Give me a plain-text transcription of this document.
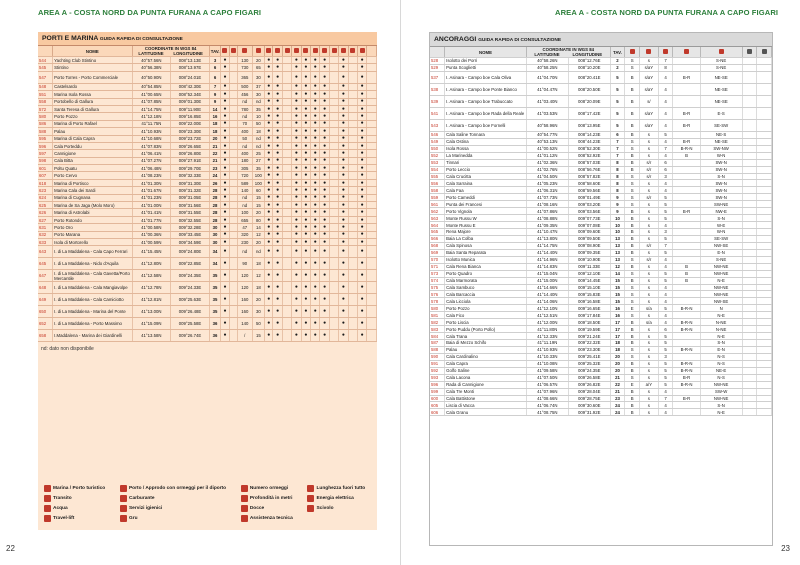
AREA A - COSTA NORD DA PUNTA FURANA A CAPO FIGARI
PORTI E MARINA GUIDA RAPIDA DI CONSULTAZIONE
	NOME	COORDINATE IN WGS 84
LATITUDINE LONGITUDINE		TAV.																
544	Yachting Club Stintino	40°57.56N	008°13.13E	3	●		130	20	●	●		●	●	●	●		●		●	
545	Stintino	40°56.38N	008°13.97E	6	●		730	65	●	●		●	●	●	●		●		●	
547	Porto Torres - Porto Commerciale	40°50.90N	008°24.01E	6	●		365	30	●	●		●	●	●	●		●		●	
548	Castelsardo	40°54.85N	008°42.30E	7	●		500	37	●	●		●	●	●	●		●		●	
551	Marina Isola Rossa	41°00.65N	008°52.34E	9	●		456	30	●	●		●	●	●	●		●		●	
558	Portobello di Gallura	41°07.85N	009°01.30E	9	●		nd	nd	●	●		●	●	●	●		●		●	
572	Santa Teresa di Gallura	41°14.75N	009°11.90E	14	●		780	35	●	●		●	●	●	●		●		●	
580	Porto Pozzo	41°12.18N	009°16.85E	16	●		nd	10	●	●		●	●	●	●		●		●	
586	Marina di Porto Rafael	41°11.75N	009°22.00E	18	●		70	50	●	●		●	●	●	●		●		●	
588	Palau	41°10.93N	009°23.30E	18	●		400	18	●	●		●	●	●	●		●		●	
595	Marina di Cala Capra	41°10.68N	009°23.72E	20	●		50	nd	●	●		●	●	●	●		●		●	
596	Cala Porteddu	41°07.83N	009°26.65E	21	●		nd	nd	●	●		●	●	●	●		●		●	
597	Cannigione	41°06.41N	009°26.80E	22	●		400	25	●	●		●	●	●	●		●		●	
598	Cala Bitta	41°07.27N	009°27.91E	21	●		180	27	●	●		●	●	●	●		●		●	
601	Poltu Quatu	41°06.48N	009°29.70E	23	●		305	35	●	●		●	●	●	●		●		●	
607	Porto Cervo	41°08.23N	009°32.33E	24	●		720	100	●	●		●	●	●	●		●		●	
618	Marina di Portisco	41°01.30N	009°31.30E	26	●		589	100	●	●		●	●	●	●		●		●	
623	Marina Cala dei Sardi	41°01.67N	009°31.32E	28	●		140	60	●	●		●	●	●	●		●		●	
624	Marina di Cugnana	41°01.23N	009°31.05E	28	●		nd	15	●	●		●	●	●	●		●		●	
625	Marina de Sa Jaga (Molo Moro)	41°01.00N	009°31.56E	28	●		nd	15	●	●		●	●	●	●		●		●	
626	Marina di Astrolabi	41°01.41N	009°31.55E	28	●		100	20	●	●		●	●	●	●		●		●	
627	Porto Rotondo	41°01.77N	009°32.55E	28	●		655	80	●	●		●	●	●	●		●		●	
631	Porto Oro	41°00.58N	009°32.28E	30	●		47	14	●	●		●	●	●	●		●		●	
632	Porto Marana	41°00.36N	009°33.45E	30	●		320	12	●	●		●	●	●	●		●		●	
633	Isola di Mortorello	41°00.59N	009°34.59E	30	●		230	20	●	●		●	●	●	●		●		●	
643	I. di La Maddalena - Cala Capo Ferrari	41°15.45N	009°24.80E	34	●		nd	nd	●	●		●	●	●	●		●		●	
645	I. di La Maddalena - Nido d'Aquila	41°12.80N	009°22.85E	34	●		90	18	●	●		●	●	●	●		●		●	
647	I. di La Maddalena - Cala Gavetta/Porto Mercantile	41°12.58N	009°24.35E	35	●		120	12	●	●		●	●	●	●		●		●	
648	I. di La Maddalena - Cala Mangiavolpe	41°12.78N	009°24.33E	35	●		120	18	●	●		●	●	●	●		●		●	
649	I. di La Maddalena - Cala Camiciotto	41°12.81N	009°25.63E	35	●		160	20	●	●		●	●	●	●		●		●	
650	I. di La Maddalena - Marina del Ponte	41°13.00N	009°26.48E	35	●		160	30	●	●		●	●	●	●		●		●	
652	I. di La Maddalena - Porto Massimo	41°15.09N	009°25.58E	36	●		140	50	●	●		●	●	●	●		●		●	
658	I.Maddalena - Marina dei Giardinelli	41°13.58N	009°26.74E	36	●		/	15	●	●		●	●	●	●		●		●	
nd: dato non disponibile
Marina / Porto turistico	Porto / Approdo con ormeggi per il diporto	Numero ormeggi	Lunghezza fuori tutto
Transito	Carburante	Profondità in metri	Energia elettrica
Acqua	Servizi igienici	Docce	Scivolo
Travel-lift	Gru	Assistenza tecnica
22
AREA A - COSTA NORD DA PUNTA FURANA A CAPO FIGARI
ANCORAGGI GUIDA RAPIDA DI CONSULTAZIONE
	NOME	COORDINATE IN WGS 84
LATITUDINE LONGITUDINE		TAV.							
528	Isolotto dei Porri	40°58.26N	008°12.76E	2	S	s	7		S-NE		
529	Punta Scoglietti	40°58.25N	008°10.20E	2	S	s/aY	8		S-NE		
537	I. Asinara - Campo boe Cala Oliva	41°04.70N	008°20.41E	5	B	s/aY	4	B-R	NE-SE		
538	I. Asinara - Campo boe Ponte Bianco	41°04.47N	008°20.50E	5	B	s/aY	4		NE-SE		
539	I. Asinara - Campo boe Trabuccato	41°03.40N	008°20.09E	5	B	s/	4		NE-SE		
541	I. Asinara - Campo boe Rada della Reale	41°03.53N	008°17.42E	5	B	s/aY	4	B-R	E-S		
543	I. Asinara - Campo boe Fornelli	40°58.96N	008°13.95E	5	B	s/aY	4	B-R	SE-SW		
546	Cala Saline Tonnara	40°54.77N	008°14.23E	6	B	s	5		NE-S		
549	Cala Ostina	40°53.13N	008°44.23E	7	S	s	4	B-R	NE-SE		
550	Isola Rossa	41°00.52N	008°52.30E	7	S	s	7	B-R-N	SW-NW		
552	La Marinedda	41°01.12N	008°52.92E	7	B	s	4	B	W-N		
553	Tinnari	41°02.36N	008°57.03E	8	B	s/r	6		SW-N		
554	Porto Leccio	41°02.76N	008°56.76E	8	B	s/r	6		SW-N		
555	Cala Crucitta	41°04.50N	008°57.82E	8	S	s/r	3		S-N		
556	Cala Sarraina	41°05.23N	008°58.60E	8	S	s	4		SW-N		
558	Cala Faa	41°06.31N	008°59.56E	8	S	s	4		SW-N		
559	Porto Cameddi	41°07.73N	009°01.49E	9	S	s/r	5		SW-N		
561	Punta dei Francesi	41°08.16N	009°03.20E	9	S	s	5		SW-NE		
562	Porto Vignola	41°07.86N	009°03.56E	9	B	s	5	B-R	NW-E		
563	Monte Russu W	41°08.88N	009°07.73E	10	B	s	5		S-N		
564	Monte Russu E	41°09.35N	009°07.08E	10	B	s	4		W-E		
565	Rena Majore	41°10.47N	009°09.60E	10	B	s	3		W-N		
566	Baia La Colba	41°13.80N	009°09.50E	13	B	s	5		SE-SW		
568	Cala Spinosa	41°14.75N	009°08.90E	13	B	s/r	7		NW-SE		
569	Baia Santa Reparata	41°14.40N	009°09.35E	13	B	s	5		E-N		
570	Isolotto Munica	41°14.96N	009°10.90E	13	S	s/r	4		S-NE		
571	Cala Rena Bianca	41°14.83N	009°11.33E	12	B	s	4	B	NW-NE		
573	Porto Quadro	41°15.04N	009°12.10E	14	S	s	5	B	NW-NE		
574	Cala Marmorata	41°15.00N	009°14.45E	15	B	s	5	B	N-E		
575	Cala Sambuco	41°14.66N	009°15.10E	15	S	s	4		NW-NE		
576	Cala Barcaccia	41°14.40N	009°15.83E	15	S	s	4		NW-NE		
578	Cala Licciola	41°14.06N	009°16.58E	15	S	s	4		NW-SE		
580	Porto Pozzo	41°12.10N	009°16.65E	16	E	s/a	5	B-R-N	N		
581	Cala Fico	41°12.51N	009°17.84E	16	S	s	4		N-E		
582	Porto Liscia	41°12.00N	009°18.50E	17	B	s/a	4	B-R-N	N-NE		
583	Porto Puddu (Porto Pollo)	41°11.80N	009°19.59E	17	B	s	6	B-R-N	N-NE		
584	Cala Trana	41°12.33N	009°21.24E	17	B	s	5		N-E		
587	Baia di Mezzo Schifo	41°11.19N	009°22.32E	18	B	s	5		S-N		
588	Palau	41°10.93N	009°23.30E	18	S	s	5	B-R-N	E-N		
590	Cala Cardinalino	41°10.33N	009°25.41E	20	S	s	3		N-S		
591	Cala Capra	41°10.08N	009°25.32E	20	B	s	5	B-R-N	N-S		
592	Golfo Saline	41°09.58N	009°24.35E	20	B	s	5	B-R-N	NE-E		
593	Cala Lacona	41°07.50N	009°26.58E	21	S	s	5	B-R	N-S		
596	Rada di Cannigione	41°06.57N	009°26.82E	22	E	a/Y	5	B-R-N	NW-NE		
599	Cala Tre Monti	41°07.96N	009°28.04E	21	B	s	4		SW-W		
600	Cala Battistone	41°08.66N	009°28.75E	23	B	s	7	B-R	NW-NE		
605	Liscia di Vacca	41°06.74N	009°30.60E	24	B	s	4		S-N		
606	Cala Granu	41°08.75N	009°31.92E	24	B	s	4		N-E		
23
